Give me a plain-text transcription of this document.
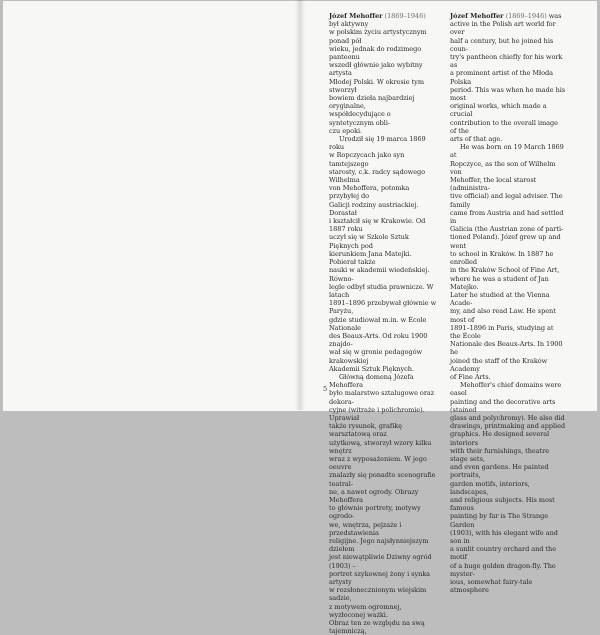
Józef Mehoffer (1869–1946) był aktywny

w polskim życiu artystycznym ponad pół

wieku, jednak do rodzimego panteonu

wszedł głównie jako wybitny artysta

Młodej Polski. W okresie tym stworzył

bowiem dzieła najbardziej oryginalne,

współdecydujące o syntetycznym obli-

czu epoki.

Urodził się 19 marca 1869 roku

w Ropczycach jako syn tamtejszego

starosty, c.k. radcy sądowego Wilhelma

von Mehoffera, potomka przybyłej do

Galicji rodziny austriackiej. Dorastał

i kształcił się w Krakowie. Od 1887 roku

uczył się w Szkole Sztuk Pięknych pod

kierunkiem Jana Matejki. Pobierał także

nauki w akademii wiedeńskiej. Równo-

legle odbył studia prawnicze. W latach

1891–1896 przebywał głównie w Paryżu,

gdzie studiował m.in. w École Nationale

des Beaux-Arts. Od roku 1900 znajdo-

wał się w gronie pedagogów krakowskiej

Akademii Sztuk Pięknych.

Główną domeną Józefa Mehoffera

było malarstwo sztalugowe oraz dekora-

cyjne (witraże i polichromie). Uprawiał

także rysunek, grafikę warsztatową oraz

użytkową, stworzył wzory kilku wnętrz

wraz z wyposażeniem. W jego oeuvre

znalazły się ponadto scenografie teatral-

ne, a nawet ogrody. Obrazy Mehoffera

to głównie portrety, motywy ogrodo-

we, wnętrza, pejzaże i przedstawienia

religijne. Jego najsłynniejszym dziełem

jest niewątpliwie Dziwny ogród (1903) –

portret szykownej żony i synka artysty

w rozsłonecznionym wiejskim sadzie,

z motywem ogromnej, wyzłoconej ważki.

Obraz ten ze względu na swą tajemniczą,

Józef Mehoffer (1869–1946) was

active in the Polish art world for over

half a century, but he joined his coun-

try's pantheon chiefly for his work as

a prominent artist of the Młoda Polska

period. This was when he made his most

original works, which made a crucial

contribution to the overall image of the

arts of that age.

He was born on 19 March 1869 at

Ropczyce, as the son of Wilhelm von

Mehoffer, the local starost (administra-

tive official) and legal adviser. The family

came from Austria and had settled in

Galicia (the Austrian zone of parti-

tioned Poland). Józef grew up and went

to school in Kraków. In 1887 he enrolled

in the Kraków School of Fine Art,

where he was a student of Jan Matejko.

Later he studied at the Vienna Acade-

my, and also read Law. He spent most of

1891–1896 in Paris, studying at the École

Nationale des Beaux-Arts. In 1900 he

joined the staff of the Kraków Academy

of Fine Arts.

Mehoffer's chief domains were easel

painting and the decorative arts (stained

glass and polychromy). He also did

drawings, printmaking and applied

graphics. He designed several interiors

with their furnishings, theatre stage sets,

and even gardens. He painted portraits,

garden motifs, interiors, landscapes,

and religious subjects. His most famous

painting by far is The Strange Garden

(1903), with his elegant wife and son in

a sunlit country orchard and the motif

of a huge golden dragon-fly. The myster-

ious, somewhat fairy-tale atmosphere

5
